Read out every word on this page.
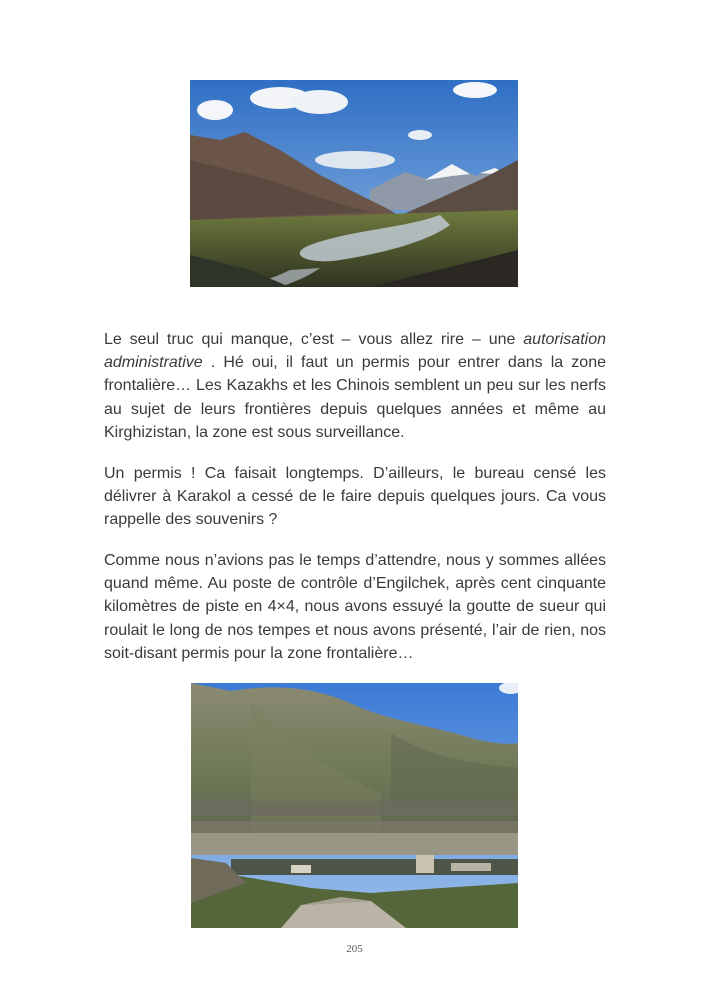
Le seul truc qui manque, c’est – vous allez rire – une autorisation administrative . Hé oui, il faut un permis pour entrer dans la zone frontalière… Les Kazakhs et les Chinois semblent un peu sur les nerfs au sujet de leurs frontières depuis quelques années et même au Kirghizistan, la zone est sous surveillance.

Un permis ! Ca faisait longtemps. D’ailleurs, le bureau censé les délivrer à Karakol a cessé de le faire depuis quelques jours. Ca vous rappelle des souvenirs ?

Comme nous n’avions pas le temps d’attendre, nous y sommes allées quand même. Au poste de contrôle d’Engilchek, après cent cinquante kilomètres de piste en 4×4, nous avons essuyé la goutte de sueur qui roulait le long de nos tempes et nous avons présenté, l’air de rien, nos soit-disant permis pour la zone frontalière…

205
